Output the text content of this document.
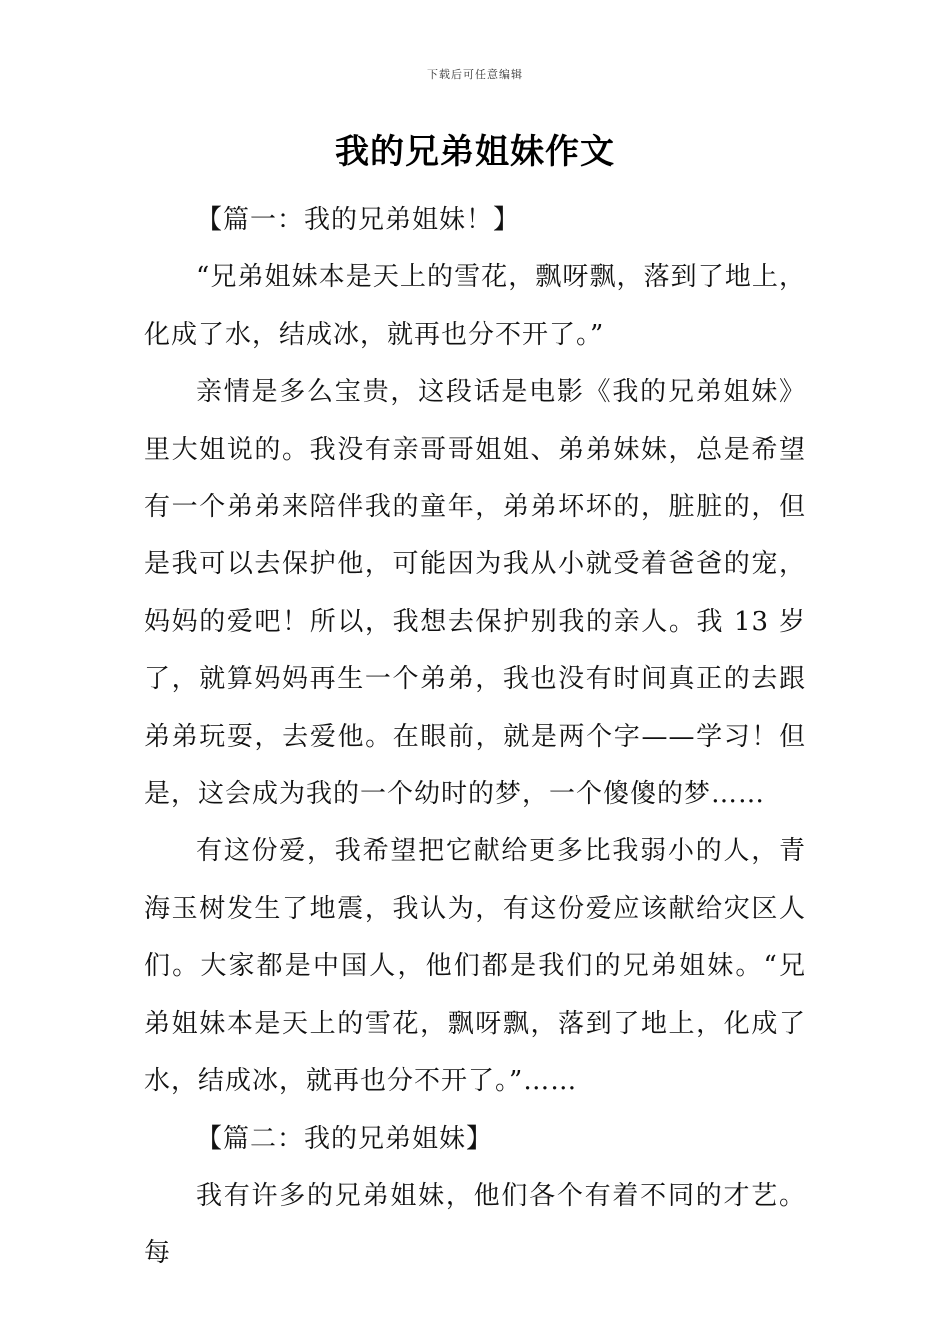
下载后可任意编辑
我的兄弟姐妹作文

【篇一：我的兄弟姐妹！】

“兄弟姐妹本是天上的雪花，飘呀飘，落到了地上，化成了水，结成冰，就再也分不开了。”

亲情是多么宝贵，这段话是电影《我的兄弟姐妹》里大姐说的。我没有亲哥哥姐姐、弟弟妹妹，总是希望有一个弟弟来陪伴我的童年，弟弟坏坏的，脏脏的，但是我可以去保护他，可能因为我从小就受着爸爸的宠，妈妈的爱吧！所以，我想去保护别我的亲人。我 13 岁了，就算妈妈再生一个弟弟，我也没有时间真正的去跟弟弟玩耍，去爱他。在眼前，就是两个字——学习！但是，这会成为我的一个幼时的梦，一个傻傻的梦……

有这份爱，我希望把它献给更多比我弱小的人，青海玉树发生了地震，我认为，有这份爱应该献给灾区人们。大家都是中国人，他们都是我们的兄弟姐妹。“兄弟姐妹本是天上的雪花，飘呀飘，落到了地上，化成了水，结成冰，就再也分不开了。”……

【篇二：我的兄弟姐妹】

我有许多的兄弟姐妹，他们各个有着不同的才艺。每
